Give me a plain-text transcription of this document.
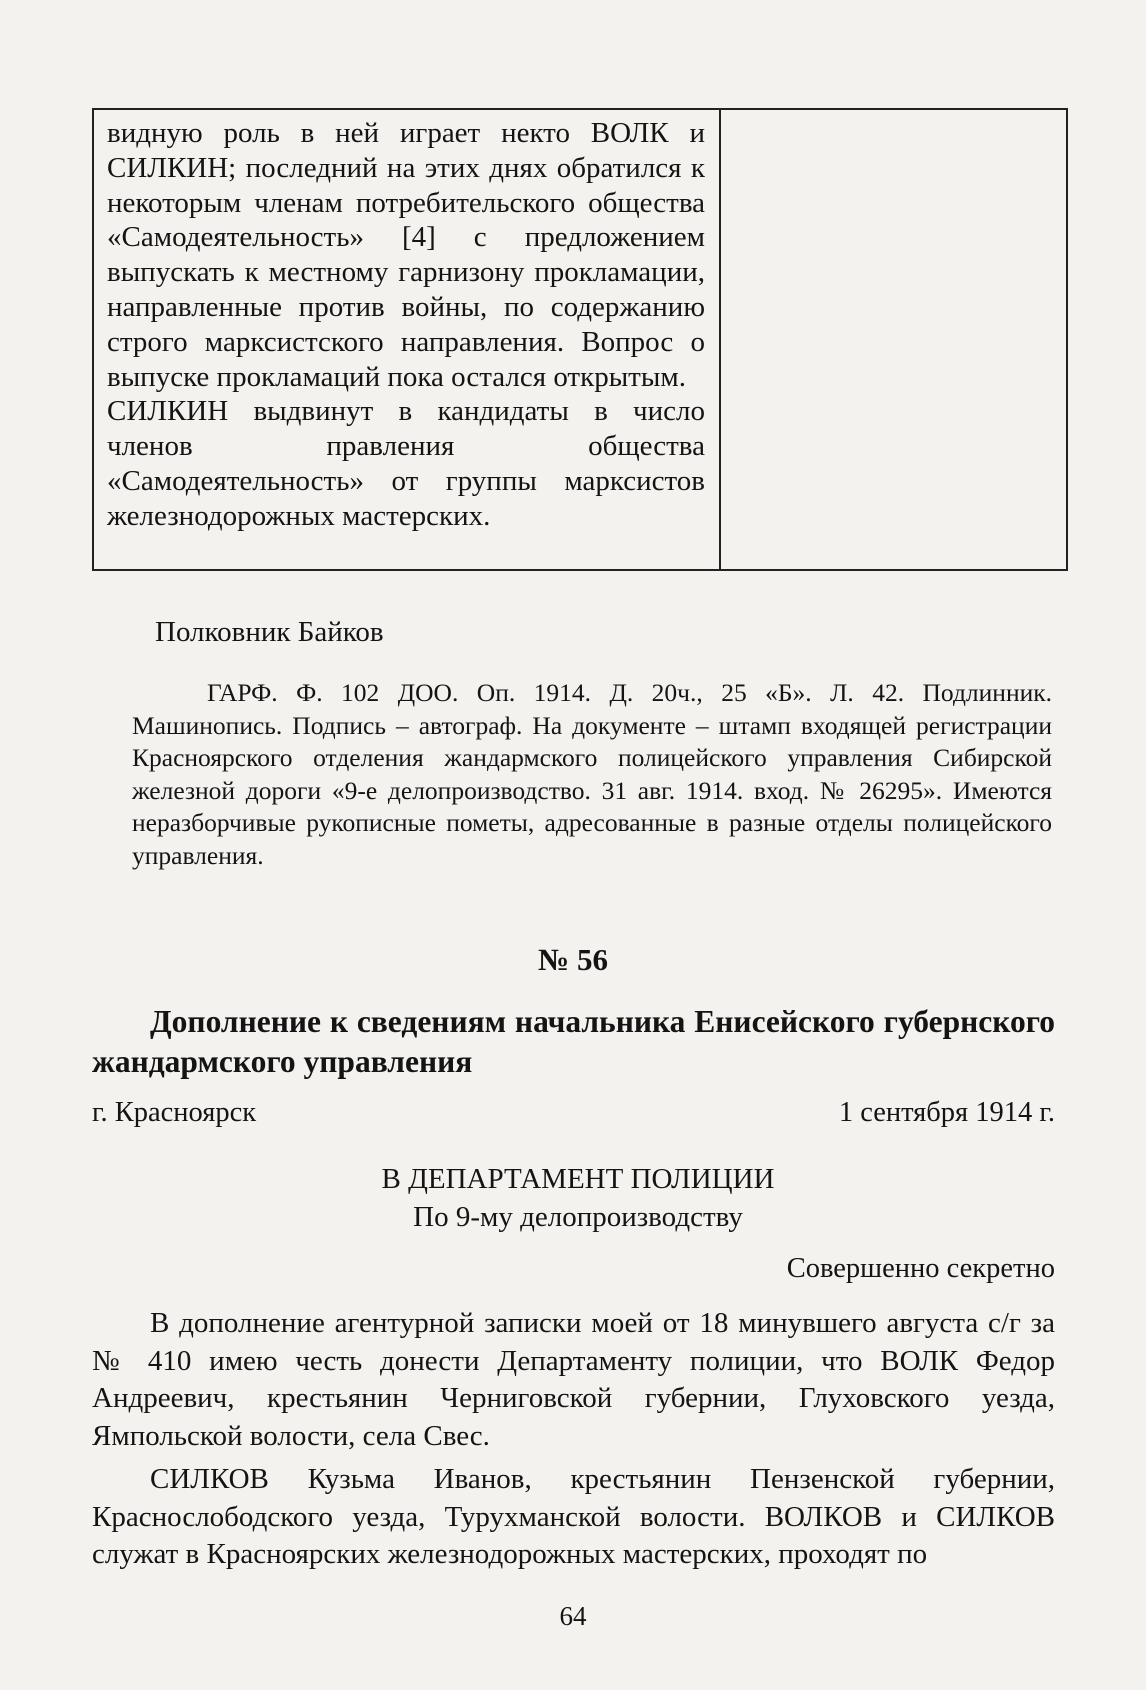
видную роль в ней играет некто ВОЛК и СИЛКИН; последний на этих днях обратился к некоторым членам потребительского общества «Самодеятельность» [4] с предложением выпускать к местному гарнизону прокламации, направленные против войны, по содержанию строго марксистского направления. Вопрос о выпуске прокламаций пока остался открытым.

СИЛКИН выдвинут в кандидаты в число членов правления общества «Самодеятельность» от группы марксистов железнодорожных мастерских.

Полковник Байков
ГАРФ. Ф. 102 ДОО. Оп. 1914. Д. 20ч., 25 «Б». Л. 42. Подлинник. Машинопись. Подпись – автограф. На документе – штамп входящей регистрации Красноярского отделения жандармского полицейского управления Сибирской железной дороги «9-е делопроизводство. 31 авг. 1914. вход. № 26295». Имеются неразборчивые рукописные пометы, адресованные в разные отделы полицейского управления.
№ 56
Дополнение к сведениям начальника Енисейского губернского жандармского управления
г. Красноярск	1 сентября 1914 г.
В ДЕПАРТАМЕНТ ПОЛИЦИИ
По 9-му делопроизводству
Совершенно секретно

В дополнение агентурной записки моей от 18 минувшего августа с/г за № 410 имею честь донести Департаменту полиции, что ВОЛК Федор Андреевич, крестьянин Черниговской губернии, Глуховского уезда, Ямпольской волости, села Свес.

СИЛКОВ Кузьма Иванов, крестьянин Пензенской губернии, Краснослободского уезда, Турухманской волости. ВОЛКОВ и СИЛКОВ служат в Красноярских железнодорожных мастерских, проходят по

64
